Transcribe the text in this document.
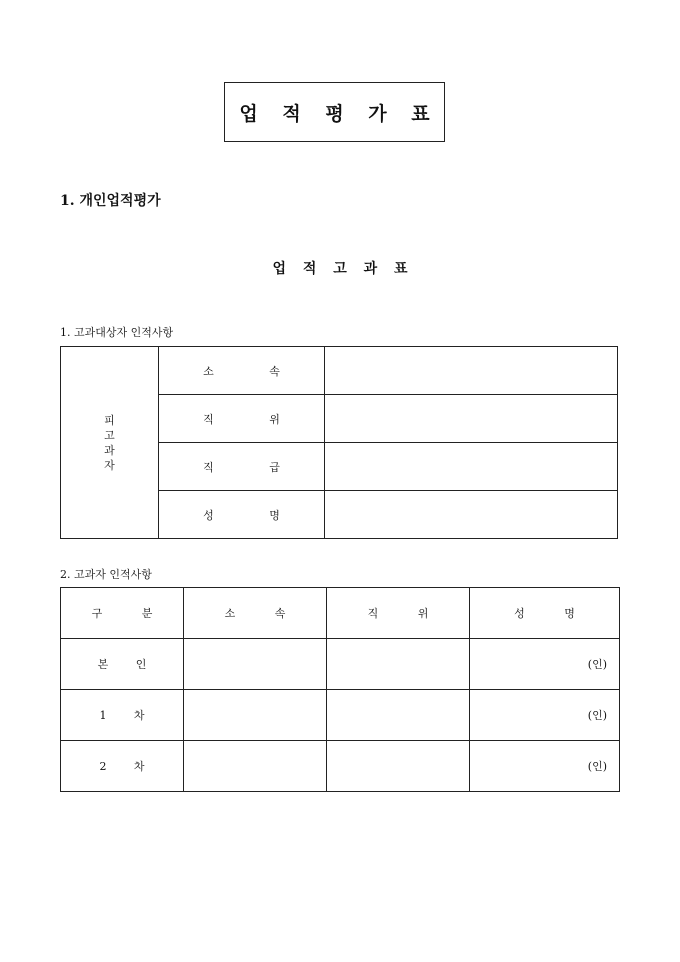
업 적 평 가 표
1. 개인업적평가
업 적 고 과 표
1. 고과대상자 인적사항
피
고
과
자	소 속	
	직 위	
	직 급	
	성 명	
2. 고과자 인적사항
구 분	소 속	직 위	성 명
본 인			(인)
1 차			(인)
2 차			(인)
